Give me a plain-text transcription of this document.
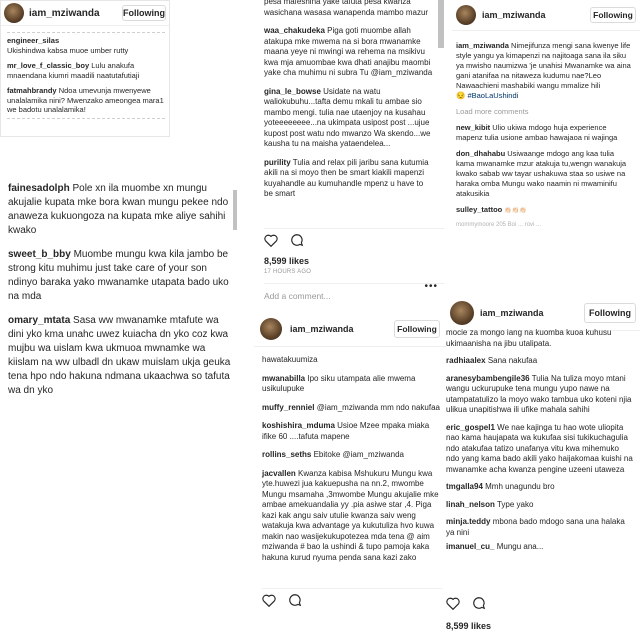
iam_mziwanda	Following

engineer_silas
Ukishindwa kabsa muoe umber rutty

mr_love_f_classic_boy Lulu anakufa mnaendana kiumri maadili naatutafutiaji

fatmahbrandy Ndoa umevunja mwenyewe unalalamika nini? Mwenzako ameongea mara1 we badotu unalalamika!

fainesadolph Pole xn ila muombe xn mungu akujalie kupata mke bora kwan mungu pekee ndo anaweza kukuongoza na kupata mke aliye sahihi kwako

sweet_b_bby Muombe mungu kwa kila jambo be strong kitu muhimu just take care of your son ndinyo baraka yako mwanamke utapata bado uko na mda

omary_mtata Sasa ww mwanamke mtafute wa dini yko kma unahc uwez kuiacha dn yko coz kwa mujbu wa uislam kwa ukmuoa mwnamke wa kiislam na ww ulbadl dn ukaw muislam ukja geuka tena hpo ndo hakuna ndmana ukaachwa so tafuta wa dn yko

pesa mafeshina yake tafuta pesa kwanza wasichana wasasa wanapenda mambo mazur

waa_chakudeka Piga goti muombe allah atakupa mke mwema na si bora mwanamke maana yeye ni mwingi wa rehema na msikivu kwa mja amuombae kwa dhati anajibu maombi yake cha muhimu ni subra Tu @iam_mziwanda

gina_le_bowse Usidate na watu waliokubuhu...tafta demu mkali tu ambae sio mambo mengi. tulia nae utaenjoy na kusahau yoteeeeeeee...na ukimpata usipost post ...ujue kupost post watu ndo mwanzo Wa skendo...we kausha tu na maisha yataendelea...

purility Tulia and relax pili jaribu sana kutumia akili na si moyo then be smart kiakili mapenzi kuyahandle au kumuhandle mpenz u have to be smart

8,599 likes
17 HOURS AGO
Add a comment...
•••
iam_mziwanda	Following

iam_mziwanda Nimejifunza mengi sana kwenye life style yangu ya kimapenzi na najitoaga sana ila siku ya mwisho naumizwa 'je unahisi Mwanamke wa aina gani atanifaa na nitaweza kudumu nae?Leo Nawaachieni mashabiki wangu mmalize hili
😔 #BaoLaUshindi

Load more comments

new_kibit Ulio ukiwa mdogo huja experience mapenz tulia usione ambao hawajaoa ni wajinga

don_dhahabu Usiwaange mdogo ang kaa tulia kama mwanamke mzur atakuja tu,wengn wanakuja kwako sabab ww tayar ushakuwa staa so usiwe na haraka omba Mungu wako naamin ni mwaminifu atakusikia

sulley_tattoo 👏🏻👏🏻👏🏻

mommymoore 205 Boi ... rovi ...

iam_mziwanda	Following

hawatakuumiza

mwanabilla Ipo siku utampata alie mwema usikulupuke

muffy_renniel @iam_mziwanda mm ndo nakufaa

koshishira_mduma Usioe Mzee mpaka miaka ifike 60 ....tafuta mapene

rollins_seths Ebitoke @iam_mziwanda

jacvallen Kwanza kabisa Mshukuru Mungu kwa yte.huwezi jua kakuepusha na nn.2, mwombe Mungu msamaha ,3mwombe Mungu akujalie mke ambae amekuandalia yy .pia asiwe star ,4. Piga kazi kak angu saiv utulie kwanza saiv weng watakuja kwa advantage ya kukutuliza hvo kuwa makin nao wasijekukupotezea mda tena @ aim mziwanda # bao la ushindi & tupo pamoja kaka hakuna kurud nyuma penda sana kazi zako

iam_mziwanda	Following

mocie za mongo iang na kuomba kuoa kuhusu ukimaanisha na jibu utalipata.

radhiaalex Sana nakufaa

aranesybambengile36 Tulia Na tuliza moyo mtani wangu uckurupuke tena mungu yupo nawe na utampatatulizo la moyo wako tambua uko koteni njia ulikua unapitishwa ili ufike mahala sahihi

eric_gospel1 We nae kajinga tu hao wote uliopita nao kama haujapata wa kukufaa sisi tukikuchagulia ndo atakufaa tatizo unafanya vitu kwa mihemuko ndo yang kama bado akili yako haijakomaa kuishi na mwanamke acha kwanza pengine uzeeni utaweza

tmgalla94 Mmh unagundu bro

linah_nelson Type yako

minja.teddy mbona bado mdogo sana una halaka ya nini

imanuel_cu_ Mungu ana...

8,599 likes
